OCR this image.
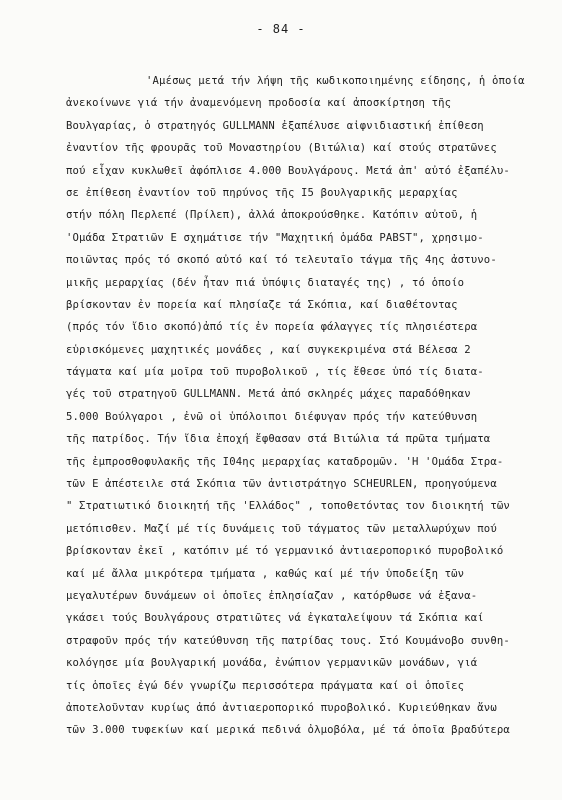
- 84 -
'Αμέσως μετά τήν λήψη τῆς κωδικοποιημένης είδησης, ἡ ὁποία
ἀνεκοίνωνε γιά τήν ἀναμενόμενη προδοσία καί ἀποσκίρτηση τῆς
Βουλγαρίας, ὁ στρατηγός GULLMANN ἐξαπέλυσε αἰφνιδιαστική ἐπίθεση
ἐναντίον τῆς φρουρᾶς τοῦ Μοναστηρίου (Βιτώλια) καί στούς στρατῶνες
πού εἶχαν κυκλωθεῖ ἀφόπλισε 4.000 Βουλγάρους. Μετά ἀπ' αὐτό ἐξαπέλυ-
σε ἐπίθεση ἐναντίον τοῦ πηρύνος τῆς I5 βουλγαρικῆς μεραρχίας
στήν πόλη Περλεπέ (Πρίλεπ), ἀλλά ἀποκρούσθηκε. Κατόπιν αὐτοῦ, ἡ
'Ομάδα Στρατιῶν Ε σχημάτισε τήν "Μαχητική ὁμάδα PABST", χρησιμο-
ποιῶντας πρός τό σκοπό αὐτό καί τό τελευταῖο τάγμα τῆς 4ης ἀστυνο-
μικῆς μεραρχίας (δέν ἦταν πιά ὑπόψις διαταγές της) , τό ὁποίο
βρίσκονταν ἐν πορεία καί πλησίαζε τά Σκόπια, καί διαθέτοντας
(πρός τόν ἴδιο σκοπό)ἀπό τίς ἐν πορεία φάλαγγες τίς πλησιέστερα
εὑρισκόμενες μαχητικές μονάδες , καί συγκεκριμένα στά Βέλεσα 2
τάγματα καί μία μοῖρα τοῦ πυροβολικοῦ , τίς ἔθεσε ὑπό τίς διατα-
γές τοῦ στρατηγοῦ GULLMANN. Μετά ἀπό σκληρές μάχες παραδόθηκαν
5.000 Βούλγαροι , ἐνῶ οἱ ὑπόλοιποι διέφυγαν πρός τήν κατεύθυνση
τῆς πατρίδος. Τήν ἴδια ἐποχή ἔφθασαν στά Βιτώλια τά πρῶτα τμήματα
τῆς ἐμπροσθοφυλακῆς τῆς I04ης μεραρχίας καταδρομῶν. 'Η 'Ομάδα Στρα-
τῶν Ε ἀπέστειλε στά Σκόπια τῶν ἀντιστράτηγο SCHEURLEN, προηγούμενα
" Στρατιωτικό διοικητή τῆς 'Ελλάδος" , τοποθετόντας τον διοικητή τῶν
μετόπισθεν. Μαζί μέ τίς δυνάμεις τοῦ τάγματος τῶν μεταλλωρύχων πού
βρίσκονταν ἐκεῖ , κατόπιν μέ τό γερμανικό ἀντιαεροπορικό πυροβολικό
καί μέ ἄλλα μικρότερα τμήματα , καθώς καί μέ τήν ὑποδείξη τῶν
μεγαλυτέρων δυνάμεων οἱ ὁποῖες ἐπλησίαζαν , κατόρθωσε νά ἐξανα-
γκάσει τούς Βουλγάρους στρατιῶτες νά ἐγκαταλείψουν τά Σκόπια καί
στραφοῦν πρός τήν κατεύθυνση τῆς πατρίδας τους. Στό Κουμάνοβο συνθη-
κολόγησε μία βουλγαρική μονάδα, ἐνώπιον γερμανικῶν μονάδων, γιά
τίς ὁποῖες ἐγώ δέν γνωρίζω περισσότερα πράγματα καί οἱ ὁποῖες
ἀποτελοῦνταν κυρίως ἀπό ἀντιαεροπορικό πυροβολικό. Κυριεύθηκαν ἄνω
τῶν 3.000 τυφεκίων καί μερικά πεδινά ὀλμοβόλα, μέ τά ὁποῖα βραδύτερα
